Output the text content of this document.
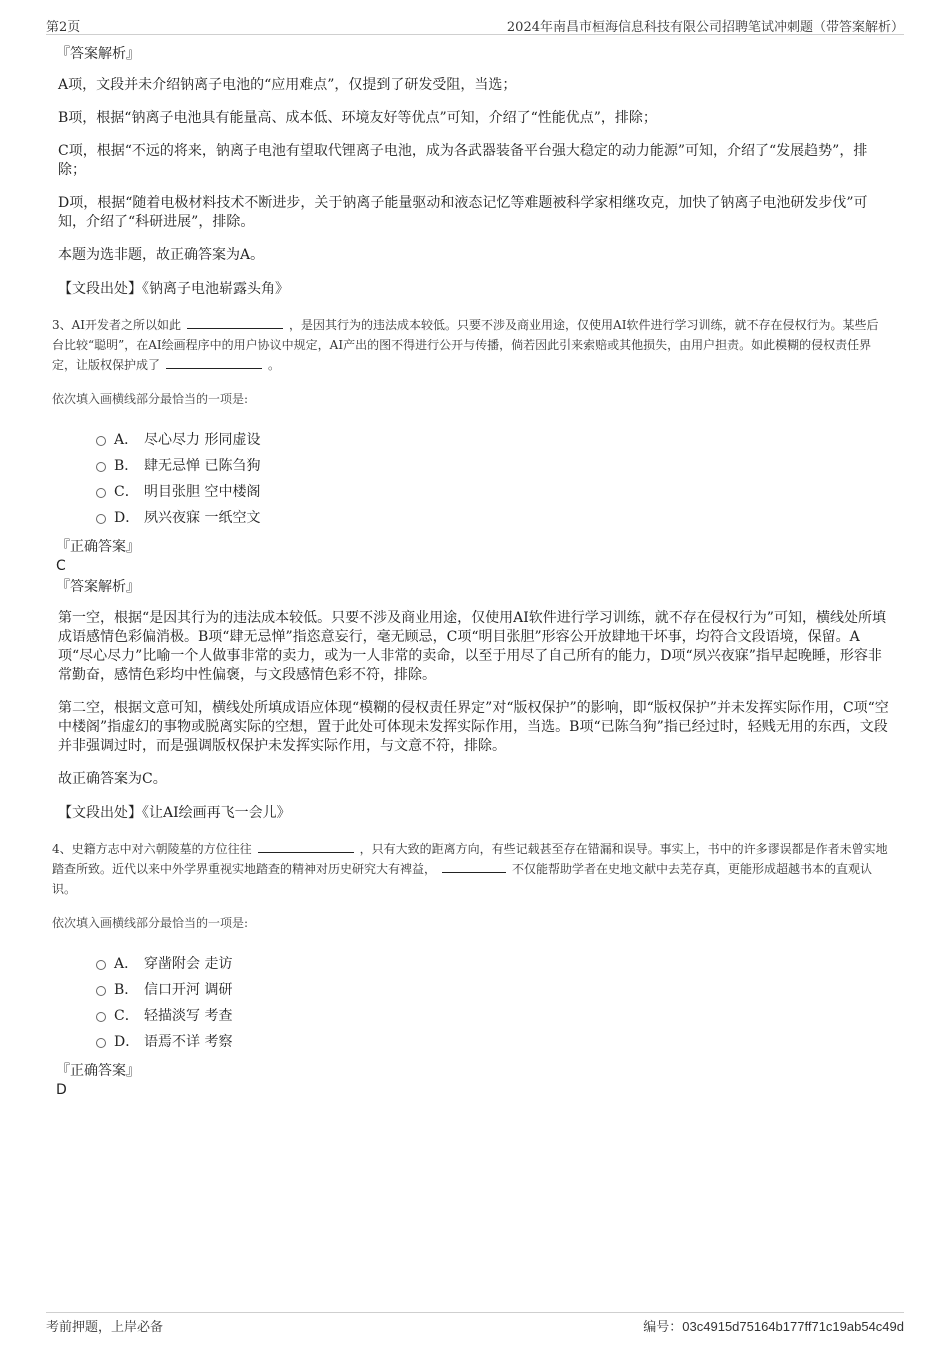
第2页	2024年南昌市桓海信息科技有限公司招聘笔试冲刺题（带答案解析）

『答案解析』

A项，文段并未介绍钠离子电池的“应用难点”，仅提到了研发受阻，当选；

B项，根据“钠离子电池具有能量高、成本低、环境友好等优点”可知，介绍了“性能优点”，排除；

C项，根据“不远的将来，钠离子电池有望取代锂离子电池，成为各武器装备平台强大稳定的动力能源”可知，介绍了“发展趋势”，排除；

D项，根据“随着电极材料技术不断进步，关于钠离子能量驱动和液态记忆等难题被科学家相继攻克，加快了钠离子电池研发步伐”可知，介绍了“科研进展”，排除。

本题为选非题，故正确答案为A。

【文段出处】《钠离子电池崭露头角》

3、AI开发者之所以如此	，是因其行为的违法成本较低。只要不涉及商业用途，仅使用AI软件进行学习训练，就不存在侵权行为。某些后台比较“聪明”，在AI绘画程序中的用户协议中规定，AI产出的图不得进行公开与传播，倘若因此引来索赔或其他损失，由用户担责。如此模糊的侵权责任界定，让版权保护成了	。

依次填入画横线部分最恰当的一项是:

A． 尽心尽力 形同虚设
B． 肆无忌惮 已陈刍狗
C． 明目张胆 空中楼阁
D． 夙兴夜寐 一纸空文

『正确答案』

C

『答案解析』

第一空，根据“是因其行为的违法成本较低。只要不涉及商业用途，仅使用AI软件进行学习训练，就不存在侵权行为”可知，横线处所填成语感情色彩偏消极。B项“肆无忌惮”指恣意妄行，毫无顾忌，C项“明目张胆”形容公开放肆地干坏事，均符合文段语境，保留。A项“尽心尽力”比喻一个人做事非常的卖力，或为一人非常的卖命，以至于用尽了自己所有的能力，D项“夙兴夜寐”指早起晚睡，形容非常勤奋，感情色彩均中性偏褒，与文段感情色彩不符，排除。

第二空，根据文意可知，横线处所填成语应体现“模糊的侵权责任界定”对“版权保护”的影响，即“版权保护”并未发挥实际作用，C项“空中楼阁”指虚幻的事物或脱离实际的空想，置于此处可体现未发挥实际作用，当选。B项“已陈刍狗”指已经过时，轻贱无用的东西，文段并非强调过时，而是强调版权保护未发挥实际作用，与文意不符，排除。

故正确答案为C。

【文段出处】《让AI绘画再飞一会儿》

4、史籍方志中对六朝陵墓的方位往往	，只有大致的距离方向，有些记载甚至存在错漏和误导。事实上，书中的许多谬误都是作者未曾实地踏查所致。近代以来中外学界重视实地踏查的精神对历史研究大有裨益，	不仅能帮助学者在史地文献中去芜存真，更能形成超越书本的直观认识。

依次填入画横线部分最恰当的一项是:

A． 穿凿附会 走访
B． 信口开河 调研
C． 轻描淡写 考查
D． 语焉不详 考察

『正确答案』

D

考前押题，上岸必备	编号：03c4915d75164b177ff71c19ab54c49d
